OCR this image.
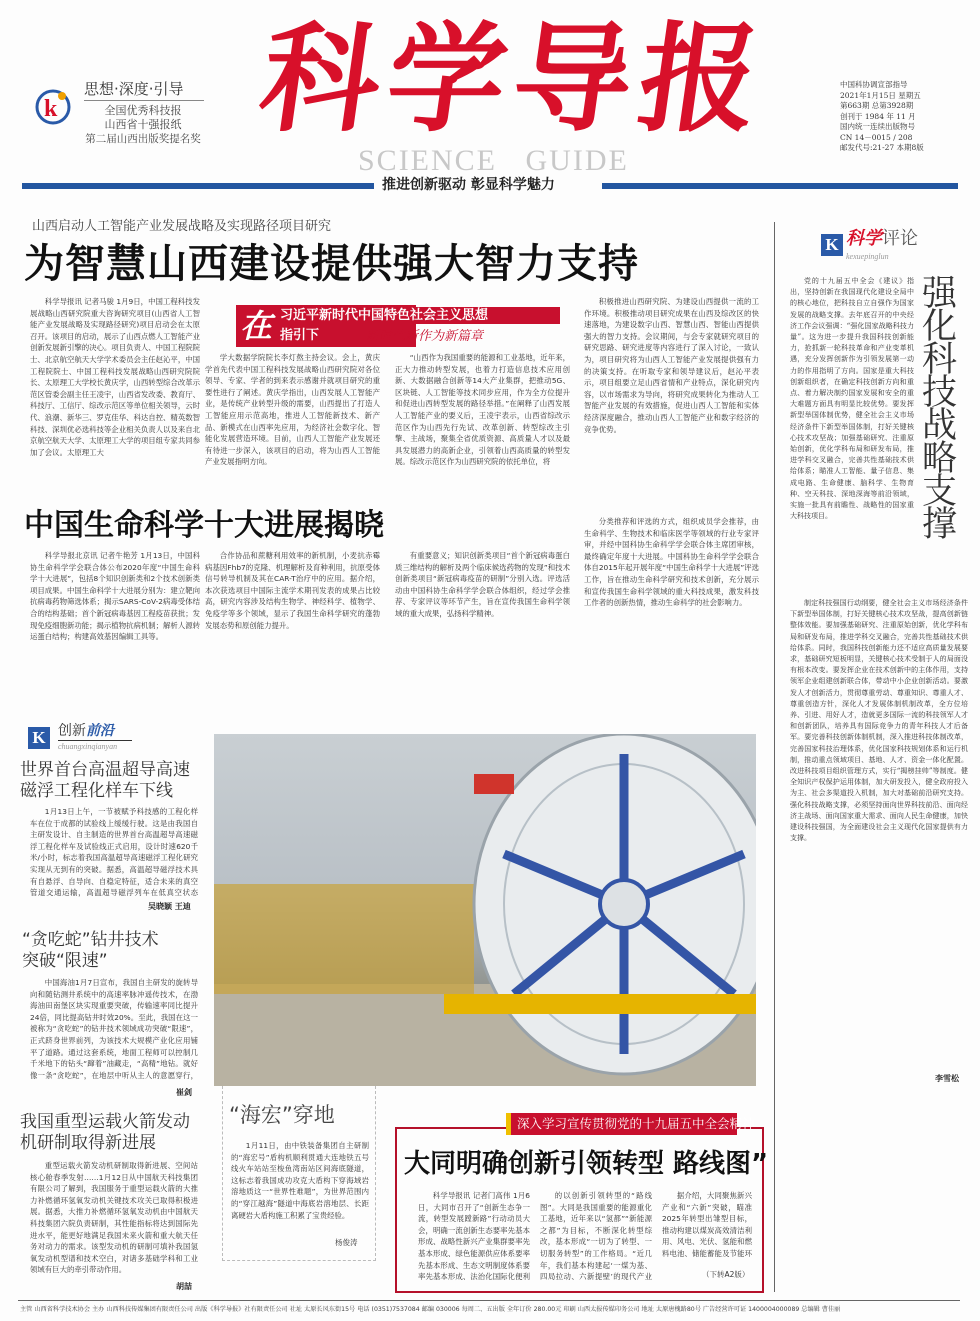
k
思想·深度·引导
全国优秀科技报
山西省十强报纸
第二届山西出版奖提名奖 科学导报
SCIENCE   GUIDE
中国科协调宣部指导
2021年1月15日 星期五
第663期 总第3928期
创刊于 1984 年 11 月
国内统一连续出版物号
CN 14－0015 / 208
邮发代号:21-27 本期8版
推进创新驱动 彰显科学魅力
山西启动人工智能产业发展战略及实现路径项目研究
为智慧山西建设提供强大智力支持
科学导报讯 记者马骏 1月9日，中国工程科技发展战略山西研究院重大咨询研究项目(山西省人工智能产业发展战略及实现路径研究)项目启动会在太原召开。该项目的启动，展示了山西点燃人工智能产业创新发展新引擎的决心。项目负责人、中国工程院院士、北京航空航天大学学术委员会主任赵沁平，中国工程院院士、中国工程科技发展战略山西研究院院长、太原理工大学校长黄庆学，山西转型综合改革示范区管委会副主任王凌宇，山西省发改委、教育厅、科技厅、工信厅、综改示范区等单位相关领导，云时代、浪潮、新华三、罗克佳华、科达自控、精英数智科技、深圳优必选科技等企业相关负责人以及来自北京航空航天大学、太原理工大学的项目组专家共同参加了会议。太原理工大
在 习近平新时代中国特色社会主义思想
指引下 ——新时代新作为新篇章
学大数据学院院长李灯熬主持会议。会上，黄庆学首先代表中国工程科技发展战略山西研究院对各位领导、专家、学者的到来表示感谢并就项目研究的重要性进行了阐述。黄庆学指出，山西发展人工智能产业，是传统产业转型升级的需要，山西提出了打造人工智能应用示范高地，推进人工智能新技术、新产品、新模式在山西率先应用，为经济社会数字化、智能化发展营造环境。目前，山西人工智能产业发展还有待进一步深入，该项目的启动，将为山西人工智能产业发展指明方向。
“山西作为我国重要的能源和工业基地，近年来，正大力推动转型发展，也着力打造信息技术应用创新、大数据融合创新等14大产业集群，把推动5G、区块链、人工智能等技术同步应用，作为全方位提升和促进山西转型发展的路径举措。”在阐释了山西发展人工智能产业的要义后，王凌宇表示，山西省综改示范区作为山西先行先试、改革创新、转型综改主引擎、主战场，聚集全省优质资源、高质量人才以及最具发展潜力的高新企业，引领着山西高质量的转型发展。综改示范区作为山西研究院的依托单位，将
积极推进山西研究院、为建设山西提供一流的工作环境。积极推动项目研究成果在山西及综改区的快速落地，为建设数字山西、智慧山西、智能山西提供强大的智力支持。会议期间，与会专家就研究项目的研究思路、研究进度等内容进行了深入讨论，一致认为，项目研究将为山西人工智能产业发展提供强有力的决策支持。在听取专家和领导建议后，赵沁平表示，项目组要立足山西省情和产业特点，深化研究内容，以市场需求为导向，将研究成果转化为推动人工智能产业发展的有效措施，促进山西人工智能和实体经济深度融合，推动山西人工智能产业和数字经济的竞争优势。
中国生命科学十大进展揭晓
科学导报北京讯 记者牛艳芳 1月13日，中国科协生命科学学会联合体公布2020年度“中国生命科学十大进展”，包括8个知识创新类和2个技术创新类项目成果。中国生命科学十大进展分别为：建立靶向抗病毒药物筛选体系；揭示SARS-CoV-2病毒受体结合的结构基础；首个新冠病毒基因工程疫苗获批；发现免疫细胞新功能；揭示植物抗病机制；解析人源转运蛋白结构；构建高效基因编辑工具等。
合作协品和蔗糖利用效率的新机制，小麦抗赤霉病基因Fhb7的克隆、机理解析及育种利用，抗原受体信号转导机制及其在CAR-T治疗中的应用。据介绍，本次获选项目中国际主流学术期刊发表的成果占比较高，研究内容涉及结构生物学、神经科学、植物学、免疫学等多个领域，显示了我国生命科学研究的蓬勃发展态势和原创能力提升。
有重要意义；知识创新类项目“首个新冠病毒蛋白质三维结构的解析及两个临床候选药物的发现”和技术创新类项目“新冠病毒疫苗的研制”分别入选。评选活动由中国科协生命科学学会联合体组织，经过学会推荐、专家评议等环节产生，旨在宣传我国生命科学领域的重大成果，弘扬科学精神。
分类推荐和评选的方式，组织成员学会推荐，由生命科学、生物技术和临床医学等领域的行业专家评审，并经中国科协生命科学学会联合体主席团审核，最终确定年度十大进展。中国科协生命科学学会联合体自2015年起开展年度“中国生命科学十大进展”评选工作，旨在推动生命科学研究和技术创新，充分展示和宣传我国生命科学领域的重大科技成果，激发科技工作者的创新热情，推动生命科学的社会影响力。
K 科学评论
kexuepinglun
强化科技战略支撑
党的十九届五中全会《建议》指出，坚持创新在我国现代化建设全局中的核心地位，把科技自立自强作为国家发展的战略支撑。去年底召开的中央经济工作会议强调：“强化国家战略科技力量”。这为进一步提升我国科技创新能力，抢抓新一轮科技革命和产业变革机遇，充分发挥创新作为引领发展第一动力的作用指明了方向。国家是重大科技创新组织者，在确定科技创新方向和重点、着力解决制约国家发展和安全的重大难题方面具有明显比较优势。要发挥新型举国体制优势，健全社会主义市场经济条件下新型举国体制，打好关键核心技术攻坚战；加强基础研究、注重原始创新，优化学科布局和研发布局，推进学科交叉融合，完善共性基础技术供给体系；瞄准人工智能、量子信息、集成电路、生命健康、脑科学、生物育种、空天科技、深地深海等前沿领域，实施一批具有前瞻性、战略性的国家重大科技项目。
制定科技强国行动纲要，健全社会主义市场经济条件下新型举国体制，打好关键核心技术攻坚战，提高创新链整体效能。要加强基础研究、注重原始创新，优化学科布局和研发布局，推进学科交叉融合，完善共性基础技术供给体系。同时，我国科技创新能力还不适应高质量发展要求，基础研究短板明显，关键核心技术受制于人的局面没有根本改变。要发挥企业在技术创新中的主体作用，支持领军企业组建创新联合体，带动中小企业创新活动。要激发人才创新活力，贯彻尊重劳动、尊重知识、尊重人才、尊重创造方针，深化人才发展体制机制改革，全方位培养、引进、用好人才，造就更多国际一流的科技领军人才和创新团队，培养具有国际竞争力的青年科技人才后备军。要完善科技创新体制机制，深入推进科技体制改革，完善国家科技治理体系，优化国家科技规划体系和运行机制，推动重点领域项目、基地、人才、资金一体化配置。改进科技项目组织管理方式，实行“揭榜挂帅”等制度。健全知识产权保护运用体制，加大研发投入，健全政府投入为主、社会多渠道投入机制，加大对基础前沿研究支持。强化科技战略支撑，必须坚持面向世界科技前沿、面向经济主战场、面向国家重大需求、面向人民生命健康，加快建设科技强国，为全面建设社会主义现代化国家提供有力支撑。
李雪松
K 创新前沿
chuangxinqianyan
世界首台高温超导高速磁浮工程化样车下线
1月13日上午，一节被赋予科技感的工程化样车在位于成都的试验线上缓缓行驶。这是由我国自主研发设计、自主制造的世界首台高温超导高速磁浮工程化样车及试验线正式启用，设计时速620千米/小时，标志着我国高温超导高速磁浮工程化研究实现从无到有的突破。据悉，高温超导磁浮技术具有自悬浮、自导向、自稳定特征，适合未来的真空管道交通运输，高温超导磁浮列车在低真空状态
吴晓颖 王迪
“贪吃蛇”钻井技术突破“限速”
中国海油1月7日宣布，我国自主研发的旋转导向和随钻测井系统中的高速率脉冲遥传技术，在渤海油田南堡区块实现重要突破，传输速率同比提升24倍，同比提高钻井时效20%。至此，我国在这一被称为“贪吃蛇”的钻井技术领域成功突破“限速”，正式跻身世界前列，为该技术大规模产业化应用铺平了道路。通过这套系统，地面工程师可以控制几千米地下的钻头“蹿着”油藏走，“高精”地钻。就好像一条“贪吃蛇”，在地层中听从主人的意愿穿行，
崔剑
我国重型运载火箭发动机研制取得新进展
重型运载火箭发动机研制取得新进展、空间站核心舱春季发射……1月12日从中国航天科技集团有限公司了解到，我国服务于重型运载火箭的大推力补燃循环氢氧发动机关键技术攻关已取得积极进展。据悉，大推力补燃循环氢氧发动机由中国航天科技集团六院负责研制，其性能指标将达到国际先进水平，能更好地满足我国未来火箭和重大航天任务对动力的需求。该型发动机的研制可填补我国氢氧发动机型谱和技术空白，对诸多基础学科和工业领域有巨大的牵引带动作用。
胡喆
“海宏”穿地
1月11日，由中铁装备集团自主研制的“海宏号”盾构机顺利贯通大连地铁五号线火车站站至梭鱼湾南站区间海底隧道，这标志着我国成功攻克大盾构下穿海域岩溶地质这一“世界性难题”，为世界范围内的“穿江越海”隧道中海底岩溶地层、长距离硬岩大盾构施工积累了宝贵经验。
杨俊涛
深入学习宣传贯彻党的十九届五中全会精神
大同明确创新引领转型 路线图”
科学导报讯 记者门高伟 1月6日，大同市召开了“创新生态争一流，转型发展蹚新路”行动动员大会，明确一流创新生态要率先基本形成、战略性新兴产业集群要率先基本形成、绿色能源供应体系要率先基本形成、生态文明制度体系要率先基本形成、法治化国际化便利
的以创新引领转型的“路线图”。大同是我国重要的能源重化工基地，近年来以“氢都”“新能源之都”为目标，不断深化转型综改，基本形成“一切为了转型、一切服务转型”的工作格局。“近几年，我们基本构建起‘一煤为基、四局拉动、六新提壁’的现代产业
据介绍，大同聚焦新兴产业和“六新”突破，瞄准2025年转型出雏型目标，推动构建以煤炭高效清洁利用、风电、光伏、氢能和燃料电池、储能蓄能及节能环
（下转A2版）
主管 山西省科学技术协会 主办 山西科技传媒集团有限责任公司 出版《科学导报》社有限责任公司 社址 太原长风东街15号 电话 (0351)7537084 邮编 030006 每周二、五出版 全年订价 280.00元 印刷 山西太报传媒印务公司 地址 太原唐槐路80号 广告经营许可证 1400004000089 总编辑 曹佳丽
